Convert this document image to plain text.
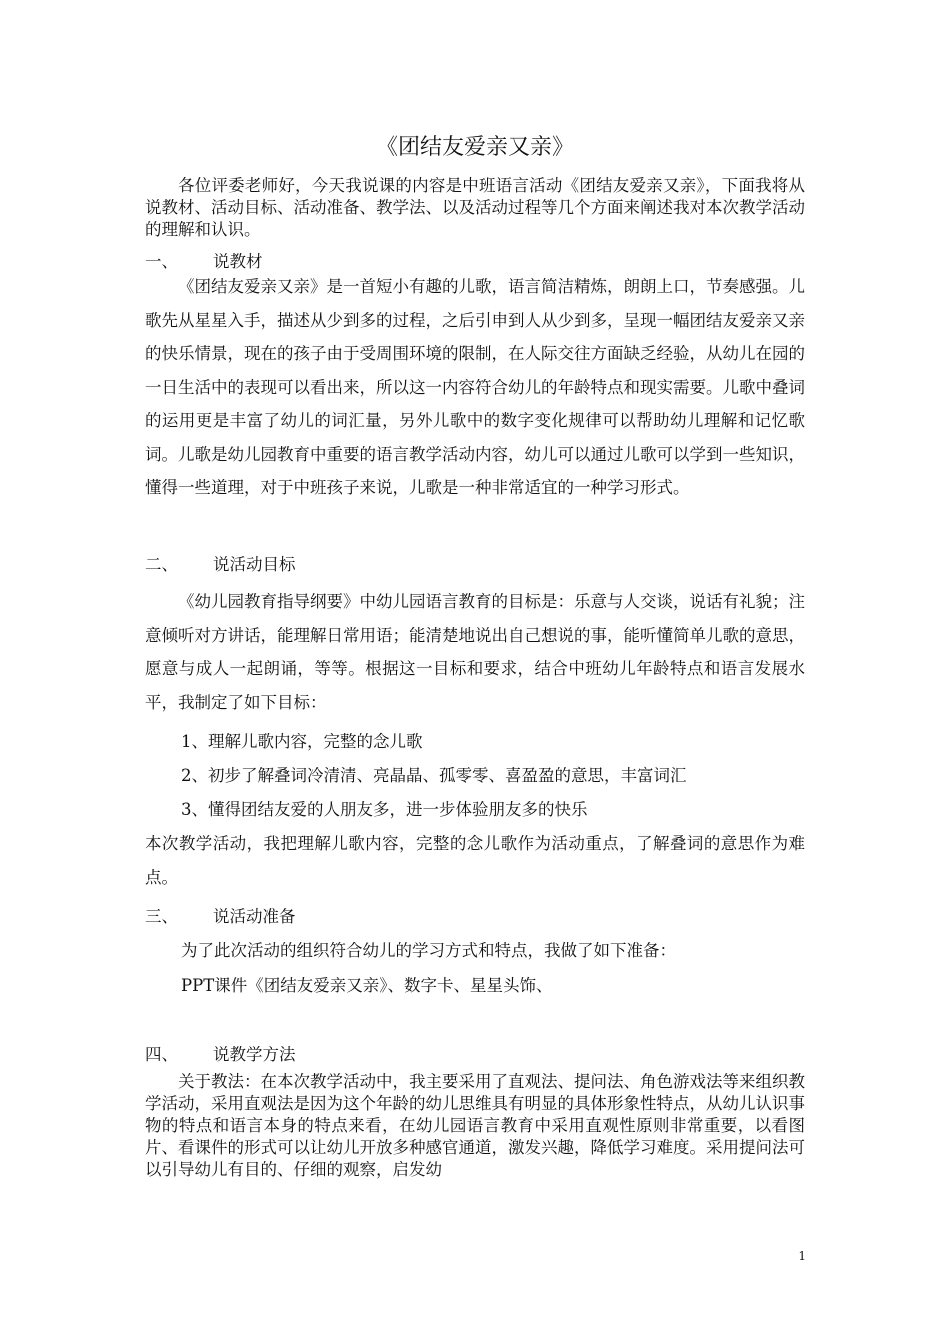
《团结友爱亲又亲》
各位评委老师好，今天我说课的内容是中班语言活动《团结友爱亲又亲》，下面我将从说教材、活动目标、活动准备、教学法、以及活动过程等几个方面来阐述我对本次教学活动的理解和认识。
一、 说教材
《团结友爱亲又亲》是一首短小有趣的儿歌，语言简洁精炼，朗朗上口，节奏感强。儿歌先从星星入手，描述从少到多的过程，之后引申到人从少到多，呈现一幅团结友爱亲又亲的快乐情景，现在的孩子由于受周围环境的限制，在人际交往方面缺乏经验，从幼儿在园的一日生活中的表现可以看出来，所以这一内容符合幼儿的年龄特点和现实需要。儿歌中叠词的运用更是丰富了幼儿的词汇量，另外儿歌中的数字变化规律可以帮助幼儿理解和记忆歌词。儿歌是幼儿园教育中重要的语言教学活动内容，幼儿可以通过儿歌可以学到一些知识，懂得一些道理，对于中班孩子来说，儿歌是一种非常适宜的一种学习形式。
二、 说活动目标
《幼儿园教育指导纲要》中幼儿园语言教育的目标是：乐意与人交谈，说话有礼貌；注意倾听对方讲话，能理解日常用语；能清楚地说出自己想说的事，能听懂简单儿歌的意思，愿意与成人一起朗诵，等等。根据这一目标和要求，结合中班幼儿年龄特点和语言发展水平，我制定了如下目标：
1、理解儿歌内容，完整的念儿歌
2、初步了解叠词冷清清、亮晶晶、孤零零、喜盈盈的意思，丰富词汇
3、懂得团结友爱的人朋友多，进一步体验朋友多的快乐
本次教学活动，我把理解儿歌内容，完整的念儿歌作为活动重点，了解叠词的意思作为难点。
三、 说活动准备
为了此次活动的组织符合幼儿的学习方式和特点，我做了如下准备：
PPT课件《团结友爱亲又亲》、数字卡、星星头饰、
四、 说教学方法
关于教法：在本次教学活动中，我主要采用了直观法、提问法、角色游戏法等来组织教学活动，采用直观法是因为这个年龄的幼儿思维具有明显的具体形象性特点，从幼儿认识事物的特点和语言本身的特点来看，在幼儿园语言教育中采用直观性原则非常重要，以看图片、看课件的形式可以让幼儿开放多种感官通道，激发兴趣，降低学习难度。采用提问法可以引导幼儿有目的、仔细的观察，启发幼
1
